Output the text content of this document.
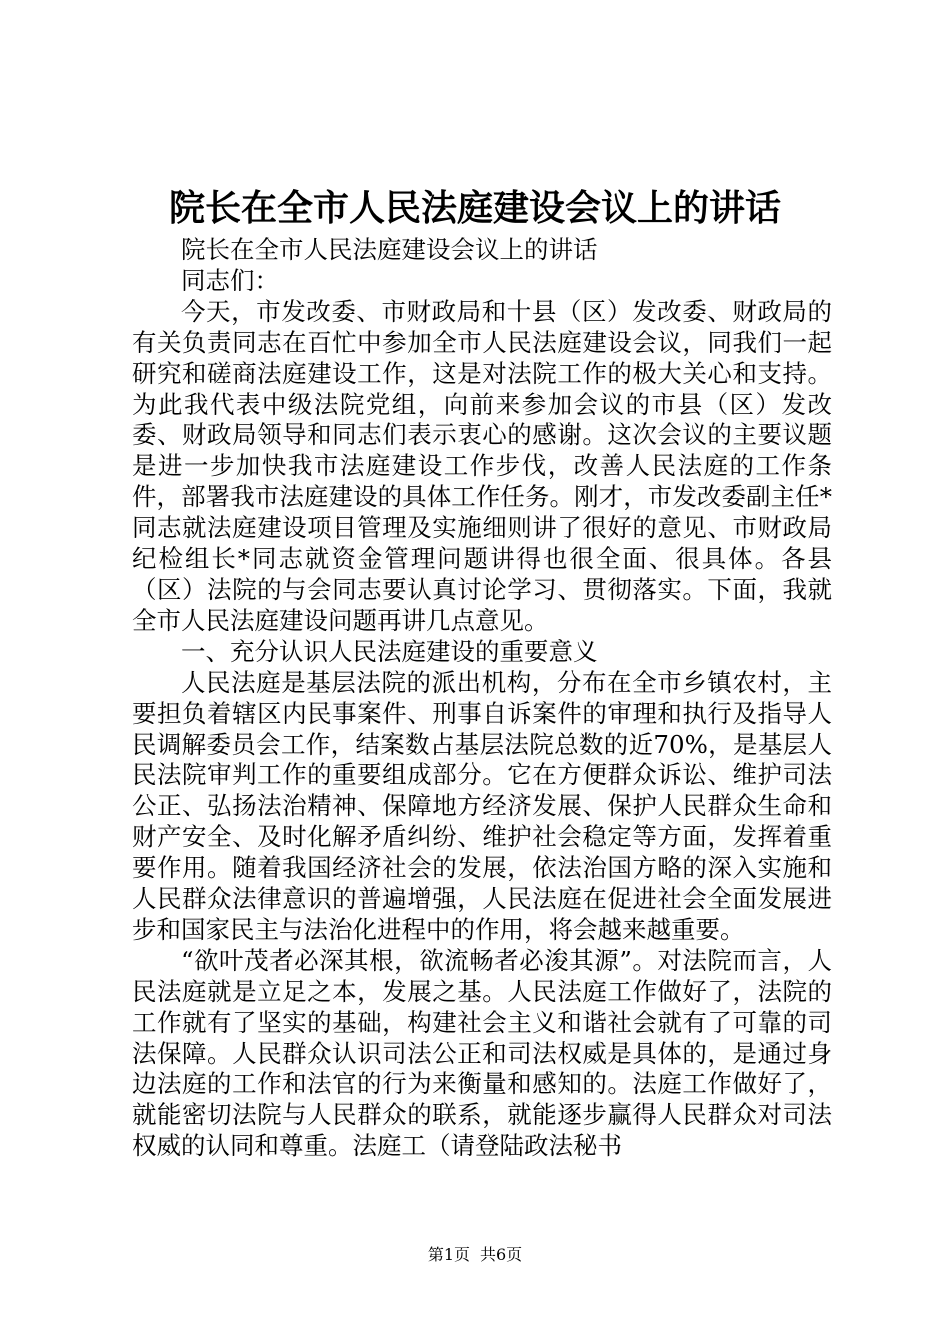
院长在全市人民法庭建设会议上的讲话

院长在全市人民法庭建设会议上的讲话

同志们：

今天，市发改委、市财政局和十县（区）发改委、财政局的有关负责同志在百忙中参加全市人民法庭建设会议，同我们一起研究和磋商法庭建设工作，这是对法院工作的极大关心和支持。为此我代表中级法院党组，向前来参加会议的市县（区）发改委、财政局领导和同志们表示衷心的感谢。这次会议的主要议题是进一步加快我市法庭建设工作步伐，改善人民法庭的工作条件，部署我市法庭建设的具体工作任务。刚才，市发改委副主任*同志就法庭建设项目管理及实施细则讲了很好的意见、市财政局纪检组长*同志就资金管理问题讲得也很全面、很具体。各县（区）法院的与会同志要认真讨论学习、贯彻落实。下面，我就全市人民法庭建设问题再讲几点意见。

一、充分认识人民法庭建设的重要意义

人民法庭是基层法院的派出机构，分布在全市乡镇农村，主要担负着辖区内民事案件、刑事自诉案件的审理和执行及指导人民调解委员会工作，结案数占基层法院总数的近70%，是基层人民法院审判工作的重要组成部分。它在方便群众诉讼、维护司法公正、弘扬法治精神、保障地方经济发展、保护人民群众生命和财产安全、及时化解矛盾纠纷、维护社会稳定等方面，发挥着重要作用。随着我国经济社会的发展，依法治国方略的深入实施和人民群众法律意识的普遍增强，人民法庭在促进社会全面发展进步和国家民主与法治化进程中的作用，将会越来越重要。

“欲叶茂者必深其根，欲流畅者必浚其源”。对法院而言，人民法庭就是立足之本，发展之基。人民法庭工作做好了，法院的工作就有了坚实的基础，构建社会主义和谐社会就有了可靠的司法保障。人民群众认识司法公正和司法权威是具体的，是通过身边法庭的工作和法官的行为来衡量和感知的。法庭工作做好了，就能密切法院与人民群众的联系，就能逐步赢得人民群众对司法权威的认同和尊重。法庭工（请登陆政法秘书

第1页 共6页
